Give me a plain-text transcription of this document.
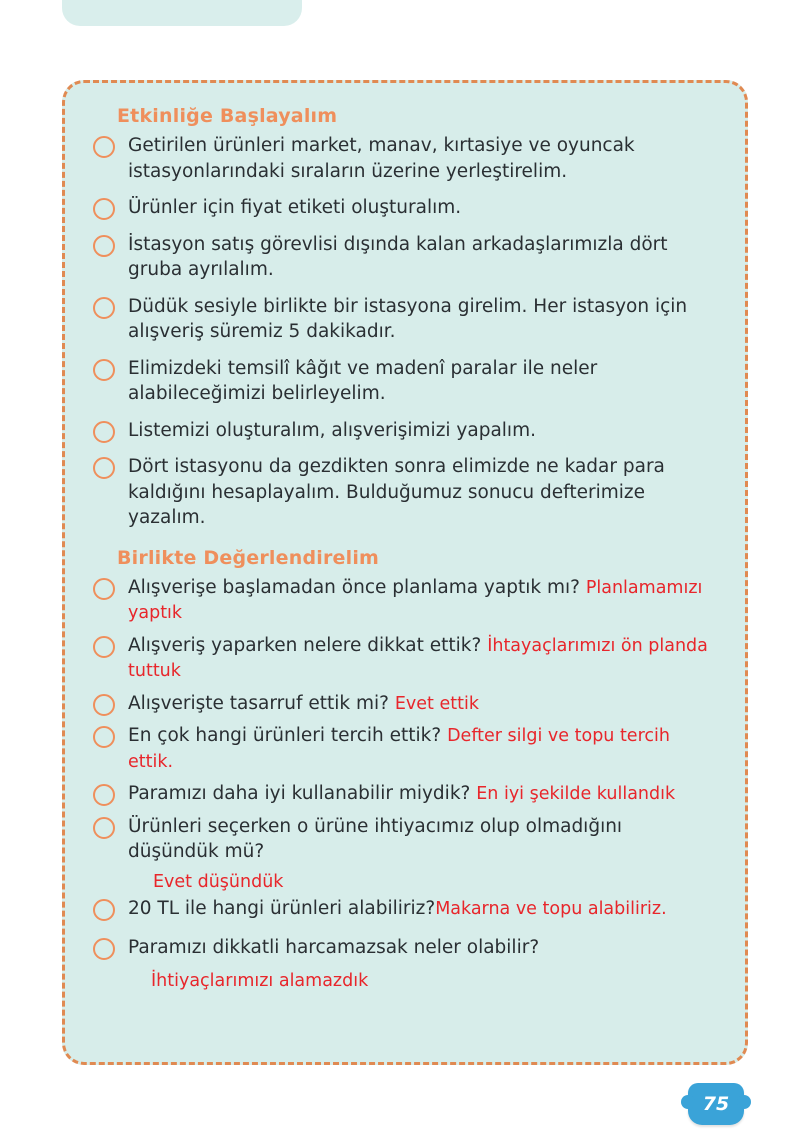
Etkinliğe Başlayalım
Getirilen ürünleri market, manav, kırtasiye ve oyuncak istasyonlarındaki sıraların üzerine yerleştirelim.
Ürünler için fiyat etiketi oluşturalım.
İstasyon satış görevlisi dışında kalan arkadaşlarımızla dört gruba ayrılalım.
Düdük sesiyle birlikte bir istasyona girelim. Her istasyon için alışveriş süremiz 5 dakikadır.
Elimizdeki temsilî kâğıt ve madenî paralar ile neler alabileceğimizi belirleyelim.
Listemizi oluşturalım, alışverişimizi yapalım.
Dört istasyonu da gezdikten sonra elimizde ne kadar para kaldığını hesaplayalım. Bulduğumuz sonucu defterimize yazalım.
Birlikte Değerlendirelim
Alışverişe başlamadan önce planlama yaptık mı? Planlamamızı yaptık
Alışveriş yaparken nelere dikkat ettik? İhtayaçlarımızı ön planda tuttuk
Alışverişte tasarruf ettik mi? Evet ettik
En çok hangi ürünleri tercih ettik? Defter silgi ve topu tercih ettik.
Paramızı daha iyi kullanabilir miydik? En iyi şekilde kullandık
Ürünleri seçerken o ürüne ihtiyacımız olup olmadığını düşündük mü?
Evet düşündük
20 TL ile hangi ürünleri alabiliriz?Makarna ve topu alabiliriz.
Paramızı dikkatli harcamazsak neler olabilir?
İhtiyaçlarımızı alamazdık
75
